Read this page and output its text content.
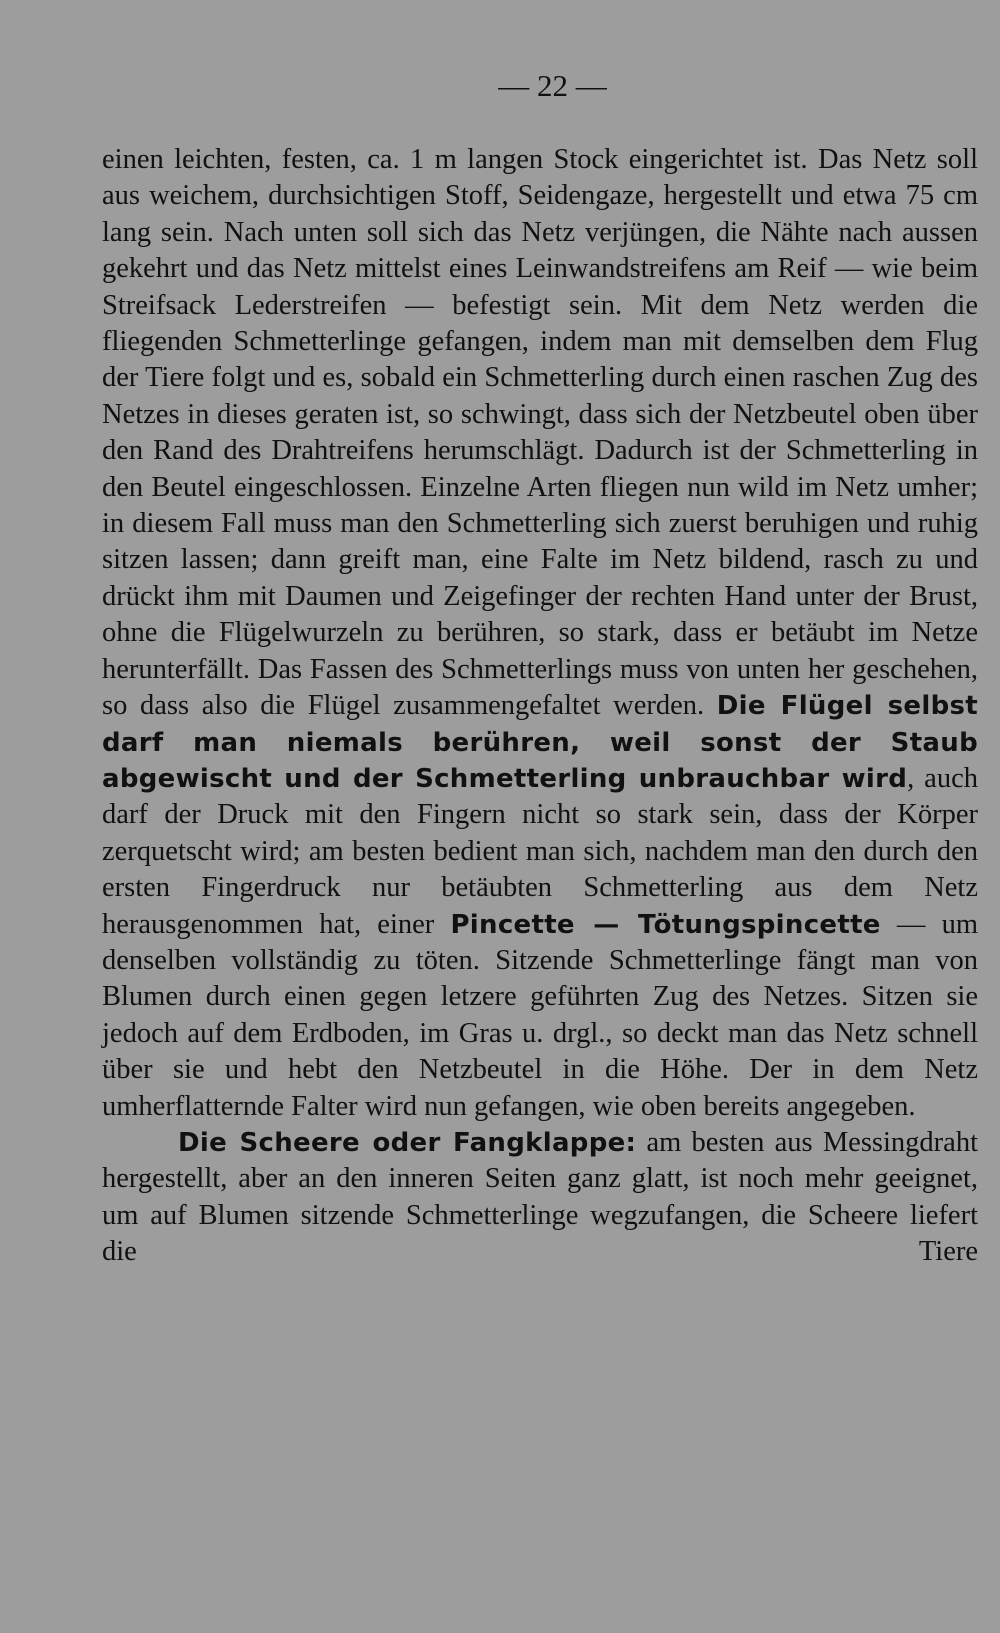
— 22 —

einen leichten, festen, ca. 1 m langen Stock eingerichtet ist. Das Netz soll aus weichem, durchsichtigen Stoff, Seidengaze, hergestellt und etwa 75 cm lang sein. Nach unten soll sich das Netz verjüngen, die Nähte nach aussen gekehrt und das Netz mittelst eines Leinwandstreifens am Reif — wie beim Streifsack Lederstreifen — befestigt sein. Mit dem Netz werden die fliegenden Schmetterlinge gefangen, indem man mit demselben dem Flug der Tiere folgt und es, sobald ein Schmetterling durch einen raschen Zug des Netzes in dieses geraten ist, so schwingt, dass sich der Netzbeutel oben über den Rand des Drahtreifens herumschlägt. Dadurch ist der Schmetterling in den Beutel eingeschlossen. Einzelne Arten fliegen nun wild im Netz umher; in diesem Fall muss man den Schmetterling sich zuerst beruhigen und ruhig sitzen lassen; dann greift man, eine Falte im Netz bildend, rasch zu und drückt ihm mit Daumen und Zeigefinger der rechten Hand unter der Brust, ohne die Flügelwurzeln zu berühren, so stark, dass er betäubt im Netze herunterfällt. Das Fassen des Schmetterlings muss von unten her geschehen, so dass also die Flügel zusammengefaltet werden. Die Flügel selbst darf man niemals berühren, weil sonst der Staub abgewischt und der Schmetterling unbrauchbar wird, auch darf der Druck mit den Fingern nicht so stark sein, dass der Körper zerquetscht wird; am besten bedient man sich, nachdem man den durch den ersten Fingerdruck nur betäubten Schmetterling aus dem Netz herausgenommen hat, einer Pincette — Tötungspincette — um denselben vollständig zu töten. Sitzende Schmetterlinge fängt man von Blumen durch einen gegen letzere geführten Zug des Netzes. Sitzen sie jedoch auf dem Erdboden, im Gras u. drgl., so deckt man das Netz schnell über sie und hebt den Netzbeutel in die Höhe. Der in dem Netz umherflatternde Falter wird nun gefangen, wie oben bereits angegeben.

Die Scheere oder Fangklappe: am besten aus Messingdraht hergestellt, aber an den inneren Seiten ganz glatt, ist noch mehr geeignet, um auf Blumen sitzende Schmetterlinge wegzufangen, die Scheere liefert die Tiere
